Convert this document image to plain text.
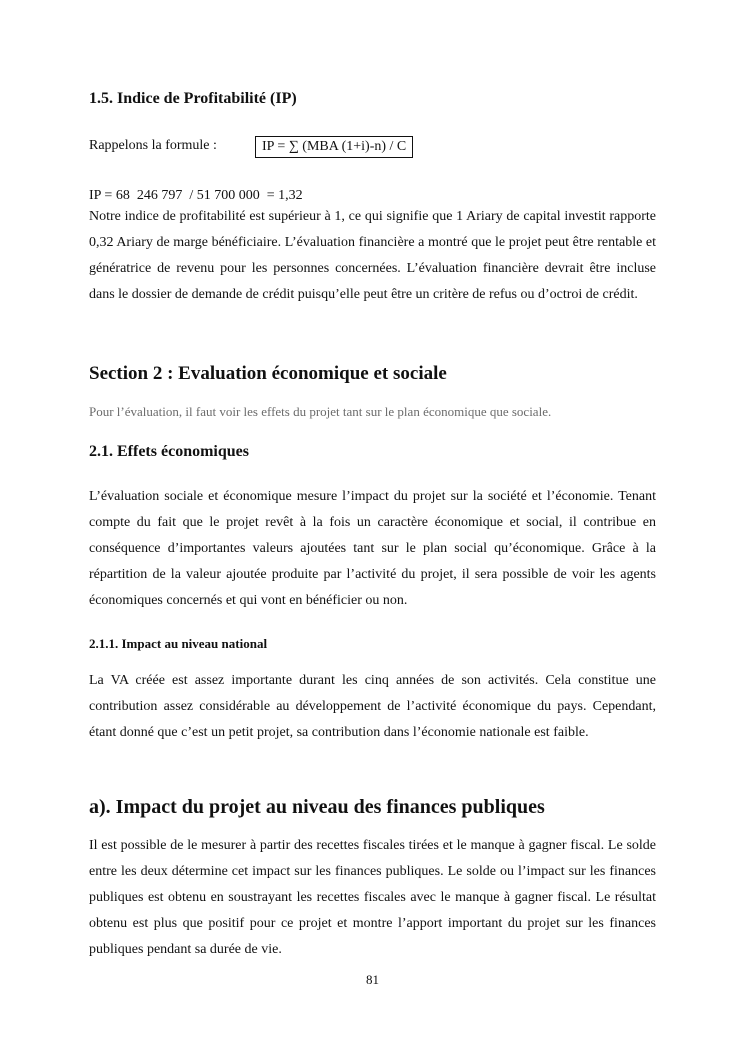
1.5. Indice de Profitabilité (IP)
Rappelons la formule :	IP = ∑ (MBA (1+i)-n) / C

IP = 68  246 797  / 51 700 000  = 1,32

Notre indice de profitabilité est supérieur à 1, ce qui signifie que 1 Ariary de capital investit rapporte 0,32 Ariary de marge bénéficiaire. L’évaluation financière a montré que le projet peut être rentable et génératrice de revenu pour les personnes concernées. L’évaluation financière devrait être incluse dans le dossier de demande de crédit puisqu’elle peut être un critère de refus ou d’octroi de crédit.

Section 2 : Evaluation économique et sociale

Pour l’évaluation, il faut voir les effets du projet tant sur le plan économique que sociale.

2.1. Effets économiques

L’évaluation sociale et économique mesure l’impact du projet sur la société et l’économie. Tenant compte du fait que le projet revêt à la fois un caractère économique et social, il contribue en conséquence d’importantes valeurs ajoutées tant sur le plan social qu’économique. Grâce à la répartition de la valeur ajoutée produite par l’activité du projet, il sera possible de voir les agents économiques concernés et qui vont en bénéficier ou non.

2.1.1. Impact au niveau national

La VA créée est assez importante durant les cinq années de son activités. Cela constitue une contribution assez considérable au développement de l’activité économique du pays. Cependant, étant donné que c’est un petit projet, sa contribution dans l’économie nationale est faible.

a). Impact du projet au niveau des finances publiques

Il est possible de le mesurer à partir des recettes fiscales tirées et le manque à gagner fiscal. Le solde entre les deux détermine cet impact sur les finances publiques. Le solde ou l’impact sur les finances publiques est obtenu en soustrayant les recettes fiscales avec le manque à gagner fiscal. Le résultat obtenu est plus que positif pour ce projet et montre l’apport important du projet sur les finances publiques pendant sa durée de vie.

81
